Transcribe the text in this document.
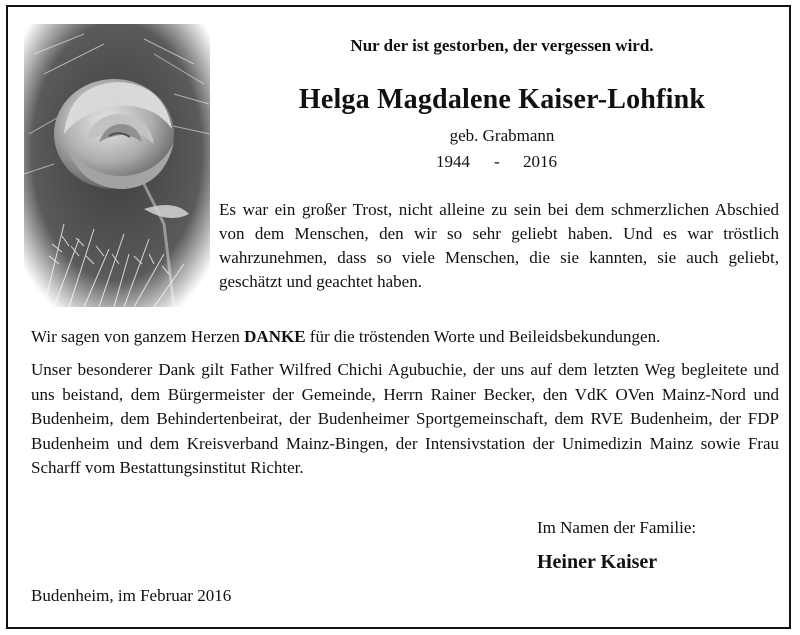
Nur der ist gestorben, der vergessen wird.
Helga Magdalene Kaiser-Lohfink
geb. Grabmann
1944 - 2016
Es war ein großer Trost, nicht alleine zu sein bei dem schmerzlichen Abschied von dem Menschen, den wir so sehr geliebt haben. Und es war tröstlich wahrzunehmen, dass so viele Menschen, die sie kannten, sie auch geliebt, geschätzt und geachtet haben.
Wir sagen von ganzem Herzen DANKE für die tröstenden Worte und Beileidsbekundungen.
Unser besonderer Dank gilt Father Wilfred Chichi Agubuchie, der uns auf dem letzten Weg begleitete und uns beistand, dem Bürgermeister der Gemeinde, Herrn Rainer Becker, den VdK OVen Mainz-Nord und Budenheim, dem Behindertenbeirat, der Budenheimer Sportgemeinschaft, dem RVE Budenheim, der FDP Budenheim und dem Kreisverband Mainz-Bingen, der Intensivstation der Unimedizin Mainz sowie Frau Scharff vom Bestattungsinstitut Richter.
Im Namen der Familie:
Heiner Kaiser
Budenheim, im Februar 2016
